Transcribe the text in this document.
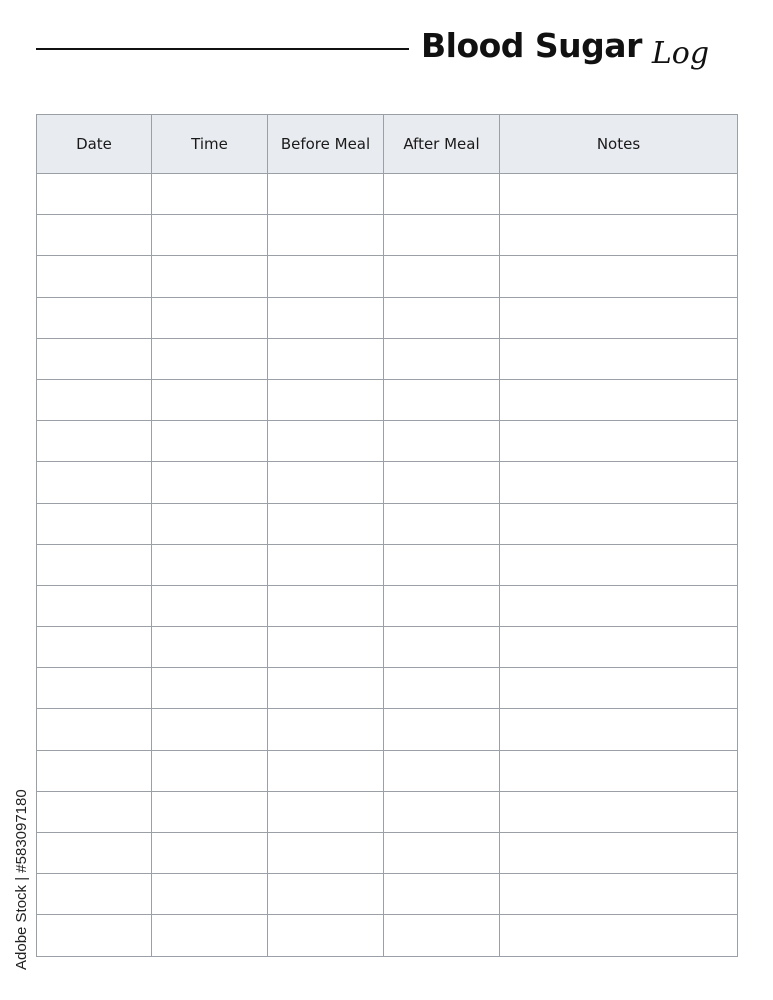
Blood Sugar Log
Date	Time	Before Meal	After Meal	Notes

Adobe Stock | #583097180
